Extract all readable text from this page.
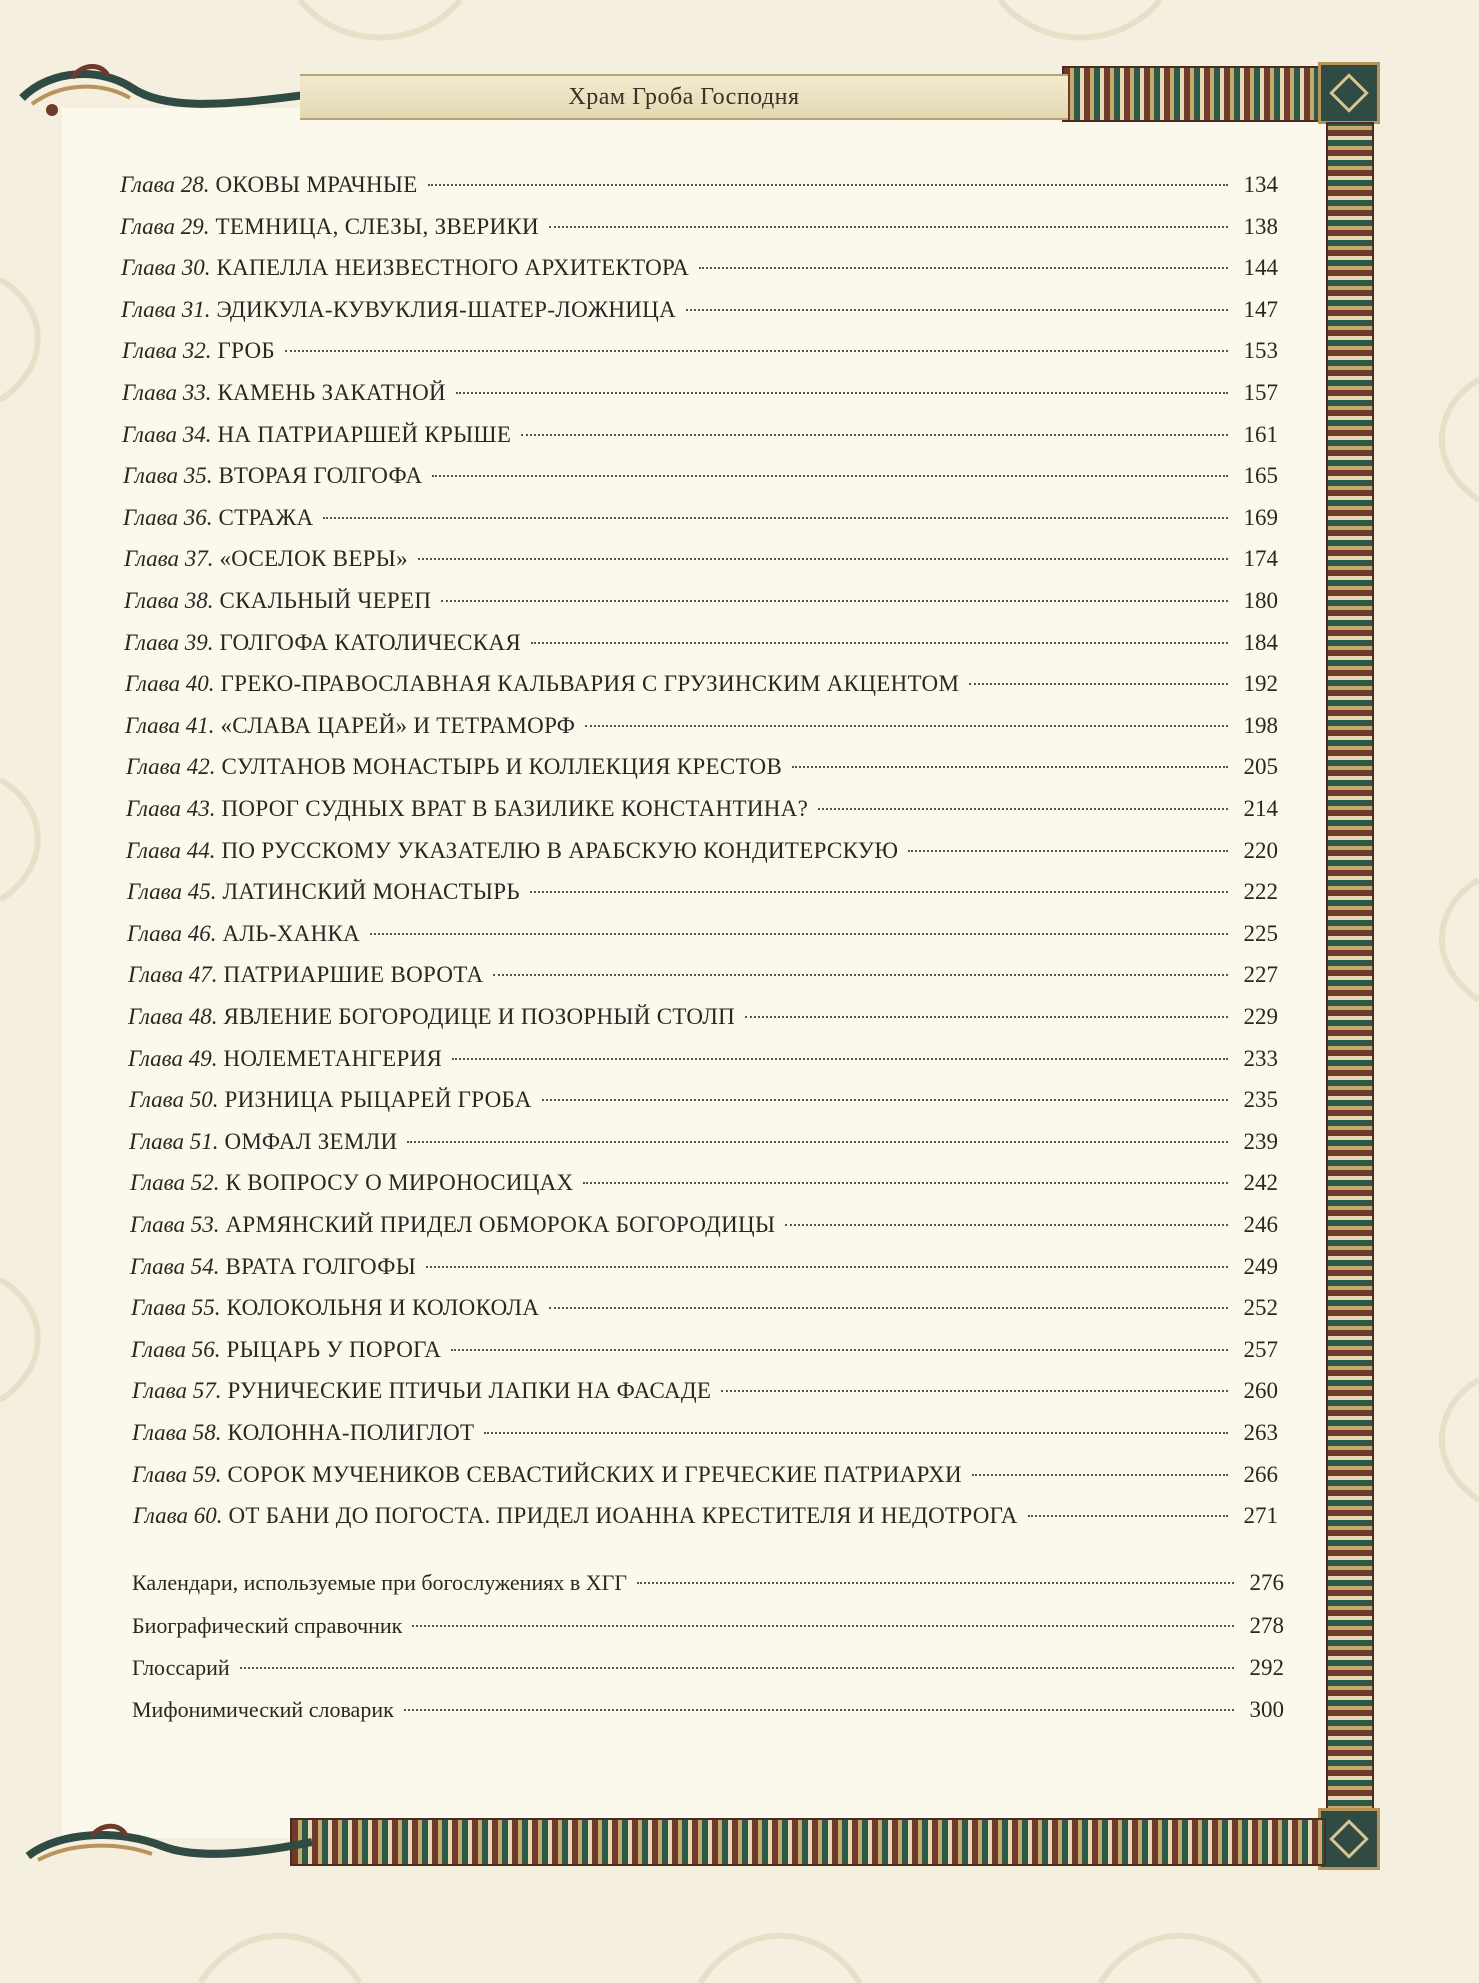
Храм Гроба Господня
Глава 28. ОКОВЫ МРАЧНЫЕ	134
Глава 29. ТЕМНИЦА, СЛЕЗЫ, ЗВЕРИКИ	138
Глава 30. КАПЕЛЛА НЕИЗВЕСТНОГО АРХИТЕКТОРА	144
Глава 31. ЭДИКУЛА-КУВУКЛИЯ-ШАТЕР-ЛОЖНИЦА	147
Глава 32. ГРОБ	153
Глава 33. КАМЕНЬ ЗАКАТНОЙ	157
Глава 34. НА ПАТРИАРШЕЙ КРЫШЕ	161
Глава 35. ВТОРАЯ ГОЛГОФА	165
Глава 36. СТРАЖА	169
Глава 37. «ОСЕЛОК ВЕРЫ»	174
Глава 38. СКАЛЬНЫЙ ЧЕРЕП	180
Глава 39. ГОЛГОФА КАТОЛИЧЕСКАЯ	184
Глава 40. ГРЕКО-ПРАВОСЛАВНАЯ КАЛЬВАРИЯ С ГРУЗИНСКИМ АКЦЕНТОМ	192
Глава 41. «СЛАВА ЦАРЕЙ» И ТЕТРАМОРФ	198
Глава 42. СУЛТАНОВ МОНАСТЫРЬ И КОЛЛЕКЦИЯ КРЕСТОВ	205
Глава 43. ПОРОГ СУДНЫХ ВРАТ В БАЗИЛИКЕ КОНСТАНТИНА?	214
Глава 44. ПО РУССКОМУ УКАЗАТЕЛЮ В АРАБСКУЮ КОНДИТЕРСКУЮ	220
Глава 45. ЛАТИНСКИЙ МОНАСТЫРЬ	222
Глава 46. АЛЬ-ХАНКА	225
Глава 47. ПАТРИАРШИЕ ВОРОТА	227
Глава 48. ЯВЛЕНИЕ БОГОРОДИЦЕ И ПОЗОРНЫЙ СТОЛП	229
Глава 49. НОЛЕМЕТАНГЕРИЯ	233
Глава 50. РИЗНИЦА РЫЦАРЕЙ ГРОБА	235
Глава 51. ОМФАЛ ЗЕМЛИ	239
Глава 52. К ВОПРОСУ О МИРОНОСИЦАХ	242
Глава 53. АРМЯНСКИЙ ПРИДЕЛ ОБМОРОКА БОГОРОДИЦЫ	246
Глава 54. ВРАТА ГОЛГОФЫ	249
Глава 55. КОЛОКОЛЬНЯ И КОЛОКОЛА	252
Глава 56. РЫЦАРЬ У ПОРОГА	257
Глава 57. РУНИЧЕСКИЕ ПТИЧЬИ ЛАПКИ НА ФАСАДЕ	260
Глава 58. КОЛОННА-ПОЛИГЛОТ	263
Глава 59. СОРОК МУЧЕНИКОВ СЕВАСТИЙСКИХ И ГРЕЧЕСКИЕ ПАТРИАРХИ	266
Глава 60. ОТ БАНИ ДО ПОГОСТА. ПРИДЕЛ ИОАННА КРЕСТИТЕЛЯ И НЕДОТРОГА	271
Календари, используемые при богослужениях в ХГГ	276
Биографический справочник	278
Глоссарий	292
Мифонимический словарик	300
